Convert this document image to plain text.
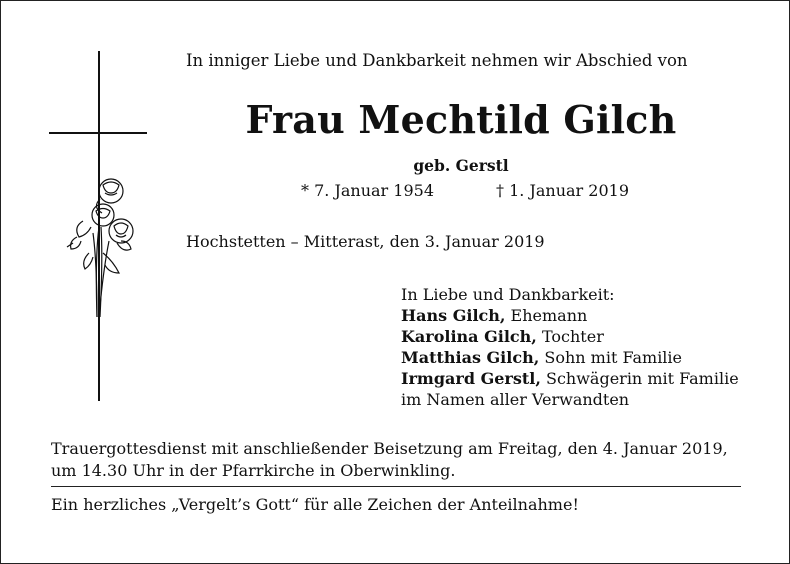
In inniger Liebe und Dankbarkeit nehmen wir Abschied von
Frau Mechtild Gilch
geb. Gerstl
* 7. Januar 1954	† 1. Januar 2019
Hochstetten – Mitterast, den 3. Januar 2019
In Liebe und Dankbarkeit:
Hans Gilch, Ehemann
Karolina Gilch, Tochter
Matthias Gilch, Sohn mit Familie
Irmgard Gerstl, Schwägerin mit Familie
im Namen aller Verwandten
Trauergottesdienst mit anschließender Beisetzung am Freitag, den 4. Januar 2019,
um 14.30 Uhr in der Pfarrkirche in Oberwinkling.
Ein herzliches „Vergelt’s Gott“ für alle Zeichen der Anteilnahme!
